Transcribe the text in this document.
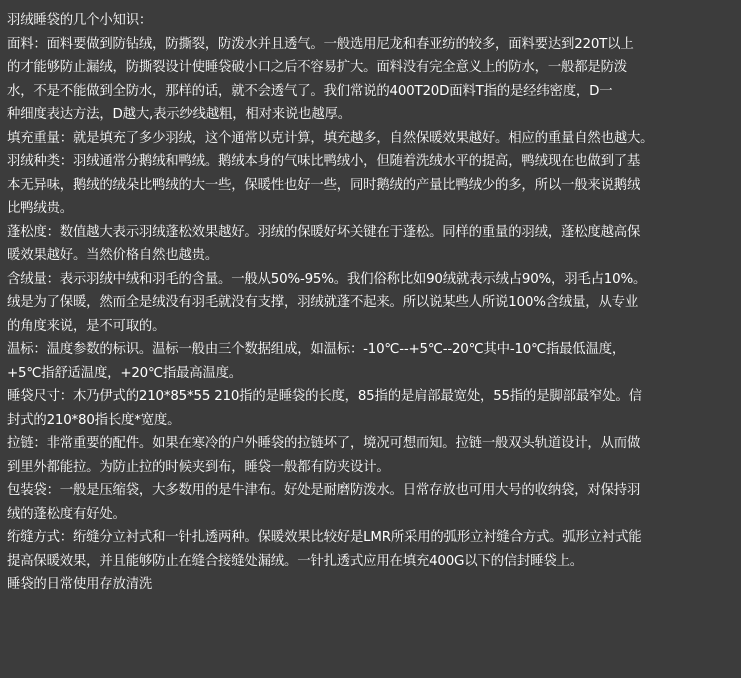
羽绒睡袋的几个小知识：
面料：面料要做到防钻绒，防撕裂，防泼水并且透气。一般选用尼龙和春亚纺的较多，面料要达到220T以上
的才能够防止漏绒，防撕裂设计使睡袋破小口之后不容易扩大。面料没有完全意义上的防水，一般都是防泼
水，不是不能做到全防水，那样的话，就不会透气了。我们常说的400T20D面料T指的是经纬密度，D一
种细度表达方法，D越大,表示纱线越粗，相对来说也越厚。
填充重量：就是填充了多少羽绒，这个通常以克计算，填充越多，自然保暖效果越好。相应的重量自然也越大。
羽绒种类：羽绒通常分鹅绒和鸭绒。鹅绒本身的气味比鸭绒小，但随着洗绒水平的提高，鸭绒现在也做到了基
本无异味，鹅绒的绒朵比鸭绒的大一些，保暖性也好一些，同时鹅绒的产量比鸭绒少的多，所以一般来说鹅绒
比鸭绒贵。
蓬松度：数值越大表示羽绒蓬松效果越好。羽绒的保暖好坏关键在于蓬松。同样的重量的羽绒，蓬松度越高保
暖效果越好。当然价格自然也越贵。
含绒量：表示羽绒中绒和羽毛的含量。一般从50%-95%。我们俗称比如90绒就表示绒占90%，羽毛占10%。
绒是为了保暖，然而全是绒没有羽毛就没有支撑，羽绒就蓬不起来。所以说某些人所说100%含绒量，从专业
的角度来说，是不可取的。
温标：温度参数的标识。温标一般由三个数据组成，如温标：-10℃--+5℃--20℃其中-10℃指最低温度，
+5℃指舒适温度，+20℃指最高温度。
睡袋尺寸：木乃伊式的210*85*55 210指的是睡袋的长度，85指的是肩部最宽处，55指的是脚部最窄处。信
封式的210*80指长度*宽度。
拉链：非常重要的配件。如果在寒冷的户外睡袋的拉链坏了，境况可想而知。拉链一般双头轨道设计，从而做
到里外都能拉。为防止拉的时候夹到布，睡袋一般都有防夹设计。
包装袋：一般是压缩袋，大多数用的是牛津布。好处是耐磨防泼水。日常存放也可用大号的收纳袋，对保持羽
绒的蓬松度有好处。
绗缝方式：绗缝分立衬式和一针扎透两种。保暖效果比较好是LMR所采用的弧形立衬缝合方式。弧形立衬式能
提高保暖效果，并且能够防止在缝合接缝处漏绒。一针扎透式应用在填充400G以下的信封睡袋上。
睡袋的日常使用存放清洗
